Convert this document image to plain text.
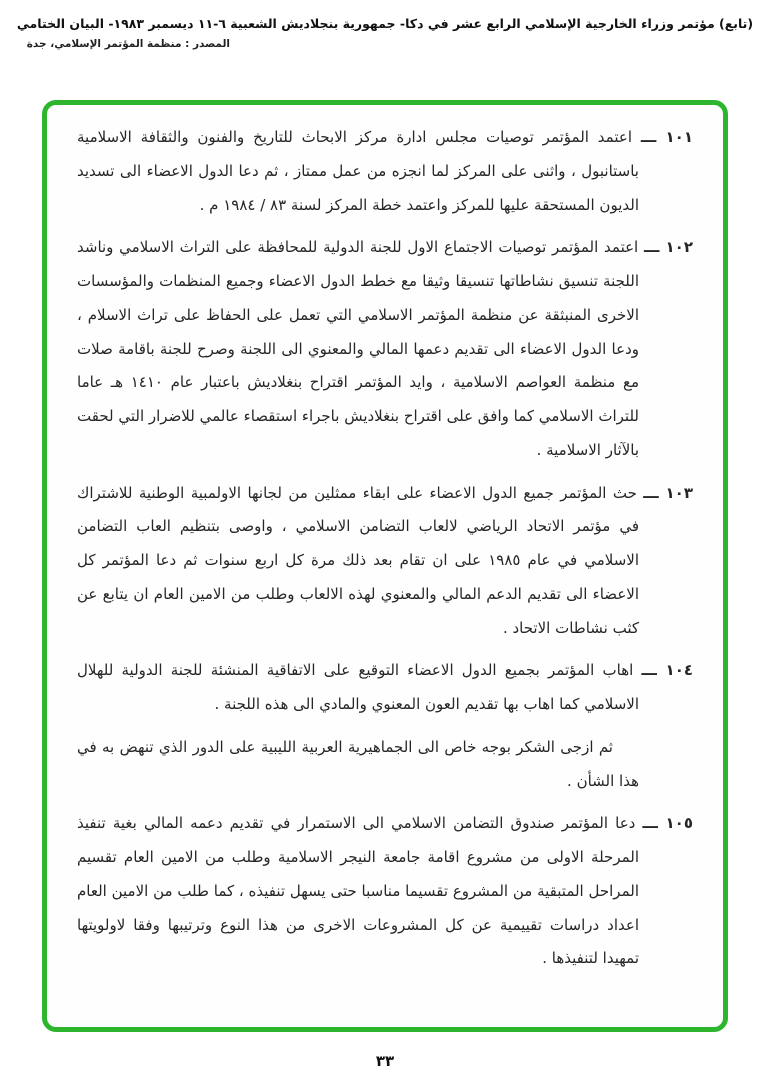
(تابع) مؤتمر وزراء الخارجية الإسلامي الرابع عشر في دكا- جمهورية بنجلاديش الشعبية ٦-١١ ديسمبر ١٩٨٣- البيان الختامي
المصدر : منظمة المؤتمر الإسلامي، جدة

١٠١ ـــ اعتمد المؤتمر توصيات مجلس ادارة مركز الابحاث للتاريخ والفنون والثقافة الاسلامية باستانبول ، واثنى على المركز لما انجزه من عمل ممتاز ، ثم دعا الدول الاعضاء الى تسديد الديون المستحقة عليها للمركز واعتمد خطة المركز لسنة ٨٣ / ١٩٨٤ م .

١٠٢ ـــ اعتمد المؤتمر توصيات الاجتماع الاول للجنة الدولية للمحافظة على التراث الاسلامي وناشد اللجنة تنسيق نشاطاتها تنسيقا وثيقا مع خطط الدول الاعضاء وجميع المنظمات والمؤسسات الاخرى المنبثقة عن منظمة المؤتمر الاسلامي التي تعمل على الحفاظ على تراث الاسلام ، ودعا الدول الاعضاء الى تقديم دعمها المالي والمعنوي الى اللجنة وصرح للجنة باقامة صلات مع منظمة العواصم الاسلامية ، وايد المؤتمر اقتراح بنغلاديش باعتبار عام ١٤١٠ هـ عاما للتراث الاسلامي كما وافق على اقتراح بنغلاديش باجراء استقصاء عالمي للاضرار التي لحقت بالآثار الاسلامية .

١٠٣ ـــ حث المؤتمر جميع الدول الاعضاء على ابقاء ممثلين من لجانها الاولمبية الوطنية للاشتراك في مؤتمر الاتحاد الرياضي لالعاب التضامن الاسلامي ، واوصى بتنظيم العاب التضامن الاسلامي في عام ١٩٨٥ على ان تقام بعد ذلك مرة كل اربع سنوات ثم دعا المؤتمر كل الاعضاء الى تقديم الدعم المالي والمعنوي لهذه الالعاب وطلب من الامين العام ان يتابع عن كثب نشاطات الاتحاد .

١٠٤ ـــ اهاب المؤتمر بجميع الدول الاعضاء التوقيع على الاتفاقية المنشئة للجنة الدولية للهلال الاسلامي كما اهاب بها تقديم العون المعنوي والمادي الى هذه اللجنة .

ثم ازجى الشكر بوجه خاص الى الجماهيرية العربية الليبية على الدور الذي تنهض به في هذا الشأن .

١٠٥ ـــ دعا المؤتمر صندوق التضامن الاسلامي الى الاستمرار في تقديم دعمه المالي بغية تنفيذ المرحلة الاولى من مشروع اقامة جامعة النيجر الاسلامية وطلب من الامين العام تقسيم المراحل المتبقية من المشروع تقسيما مناسبا حتى يسهل تنفيذه ، كما طلب من الامين العام اعداد دراسات تقييمية عن كل المشروعات الاخرى من هذا النوع وترتيبها وفقا لاولويتها تمهيدا لتنفيذها .

٣٣
